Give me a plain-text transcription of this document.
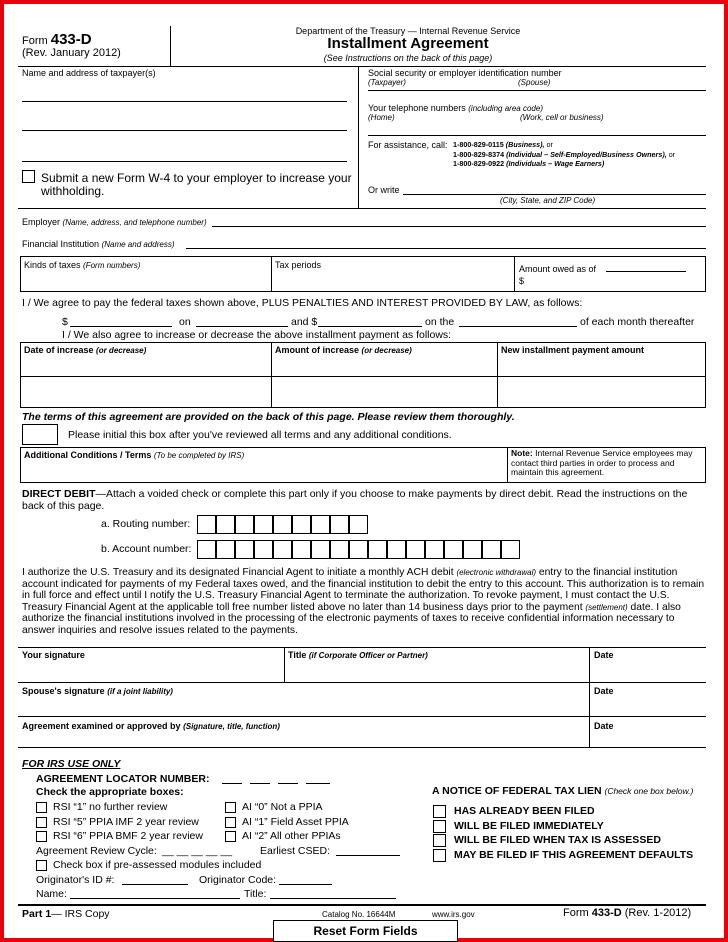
Form 433-D
(Rev. January 2012)
Department of the Treasury — Internal Revenue Service
Installment Agreement
(See Instructions on the back of this page)
Name and address of taxpayer(s)
Submit a new Form W-4 to your employer to increase your withholding.
Social security or employer identification number
(Taxpayer)	(Spouse)
Your telephone numbers (including area code)
(Home)	(Work, cell or business)
For assistance, call: 1-800-829-0115 (Business), or
1-800-829-8374 (Individual – Self-Employed/Business Owners), or
1-800-829-0922 (Individuals – Wage Earners)
Or write
(City, State, and ZIP Code)
Employer (Name, address, and telephone number)
Financial Institution (Name and address)
Kinds of taxes (Form numbers)	Tax periods	Amount owed as of
$
I / We agree to pay the federal taxes shown above, PLUS PENALTIES AND INTEREST PROVIDED BY LAW, as follows:
$	on	and $	on the	of each month thereafter
I / We also agree to increase or decrease the above installment payment as follows:
Date of increase (or decrease)	Amount of increase (or decrease)	New installment payment amount
The terms of this agreement are provided on the back of this page. Please review them thoroughly.
Please initial this box after you've reviewed all terms and any additional conditions.
Additional Conditions / Terms (To be completed by IRS)	Note: Internal Revenue Service employees may contact third parties in order to process and maintain this agreement.
DIRECT DEBIT—Attach a voided check or complete this part only if you choose to make payments by direct debit. Read the instructions on the back of this page.
a. Routing number:
b. Account number:
I authorize the U.S. Treasury and its designated Financial Agent to initiate a monthly ACH debit (electronic withdrawal) entry to the financial institution account indicated for payments of my Federal taxes owed, and the financial institution to debit the entry to this account. This authorization is to remain in full force and effect until I notify the U.S. Treasury Financial Agent to terminate the authorization. To revoke payment, I must contact the U.S. Treasury Financial Agent at the applicable toll free number listed above no later than 14 business days prior to the payment (settlement) date. I also authorize the financial institutions involved in the processing of the electronic payments of taxes to receive confidential information necessary to answer inquiries and resolve issues related to the payments.
Your signature	Title (if Corporate Officer or Partner)	Date
Spouse's signature (if a joint liability)	Date
Agreement examined or approved by (Signature, title, function)	Date
FOR IRS USE ONLY
AGREEMENT LOCATOR NUMBER:
Check the appropriate boxes:
RSI “1” no further review
RSI “5” PPIA IMF 2 year review
RSI “6” PPIA BMF 2 year review
AI “0” Not a PPIA
AI “1” Field Asset PPIA
AI “2” All other PPIAs
Agreement Review Cycle: __ __ __ __ __	Earliest CSED:
Check box if pre-assessed modules included
Originator's ID #:	Originator Code:
Name:	Title:
A NOTICE OF FEDERAL TAX LIEN (Check one box below.)
HAS ALREADY BEEN FILED
WILL BE FILED IMMEDIATELY
WILL BE FILED WHEN TAX IS ASSESSED
MAY BE FILED IF THIS AGREEMENT DEFAULTS
Part 1— IRS Copy	Catalog No. 16644M	www.irs.gov	Form 433-D (Rev. 1-2012)
Reset Form Fields
